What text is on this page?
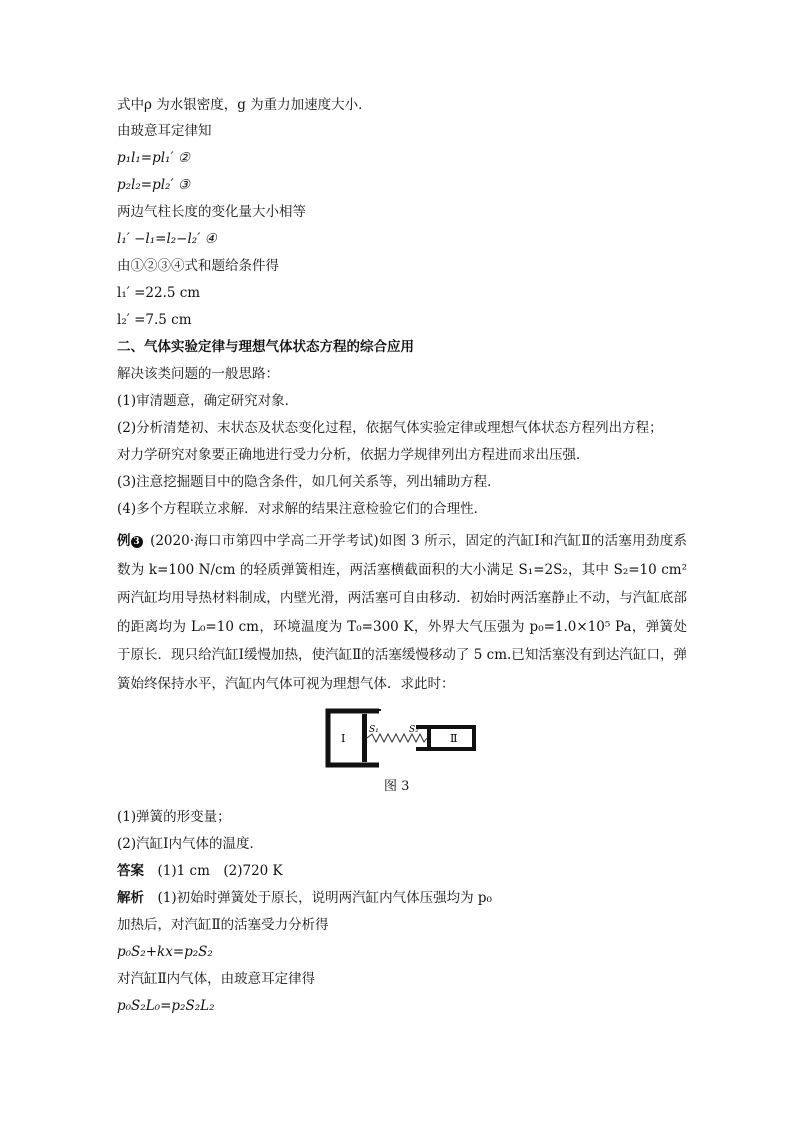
式中ρ 为水银密度，g 为重力加速度大小．
由玻意耳定律知
p₁l₁=pl₁′ ②
p₂l₂=pl₂′ ③
两边气柱长度的变化量大小相等
l₁′ −l₁=l₂−l₂′ ④
由①②③④式和题给条件得
l₁′ =22.5 cm
l₂′ =7.5 cm
二、气体实验定律与理想气体状态方程的综合应用
解决该类问题的一般思路：
(1)审清题意，确定研究对象．
(2)分析清楚初、末状态及状态变化过程，依据气体实验定律或理想气体状态方程列出方程；
对力学研究对象要正确地进行受力分析，依据力学规律列出方程进而求出压强．
(3)注意挖掘题目中的隐含条件，如几何关系等，列出辅助方程．
(4)多个方程联立求解．对求解的结果注意检验它们的合理性．
例 3 (2020·海口市第四中学高二开学考试)如图 3 所示，固定的汽缸Ⅰ和汽缸Ⅱ的活塞用劲度系数为 k=100 N/cm 的轻质弹簧相连，两活塞横截面积的大小满足 S₁=2S₂，其中 S₂=10 cm²两汽缸均用导热材料制成，内壁光滑，两活塞可自由移动．初始时两活塞静止不动，与汽缸底部的距离均为 L₀=10 cm，环境温度为 T₀=300 K，外界大气压强为 p₀=1.0×10⁵ Pa，弹簧处于原长．现只给汽缸Ⅰ缓慢加热，使汽缸Ⅱ的活塞缓慢移动了 5 cm.已知活塞没有到达汽缸口，弹簧始终保持水平，汽缸内气体可视为理想气体．求此时：
Ⅰ	Ⅱ
S₁	S₂
图 3
(1)弹簧的形变量；
(2)汽缸Ⅰ内气体的温度．
答案　 (1)1 cm　(2)720 K
解析　 (1)初始时弹簧处于原长，说明两汽缸内气体压强均为 p₀
加热后，对汽缸Ⅱ的活塞受力分析得
p₀S₂+kx=p₂S₂
对汽缸Ⅱ内气体，由玻意耳定律得
p₀S₂L₀=p₂S₂L₂
